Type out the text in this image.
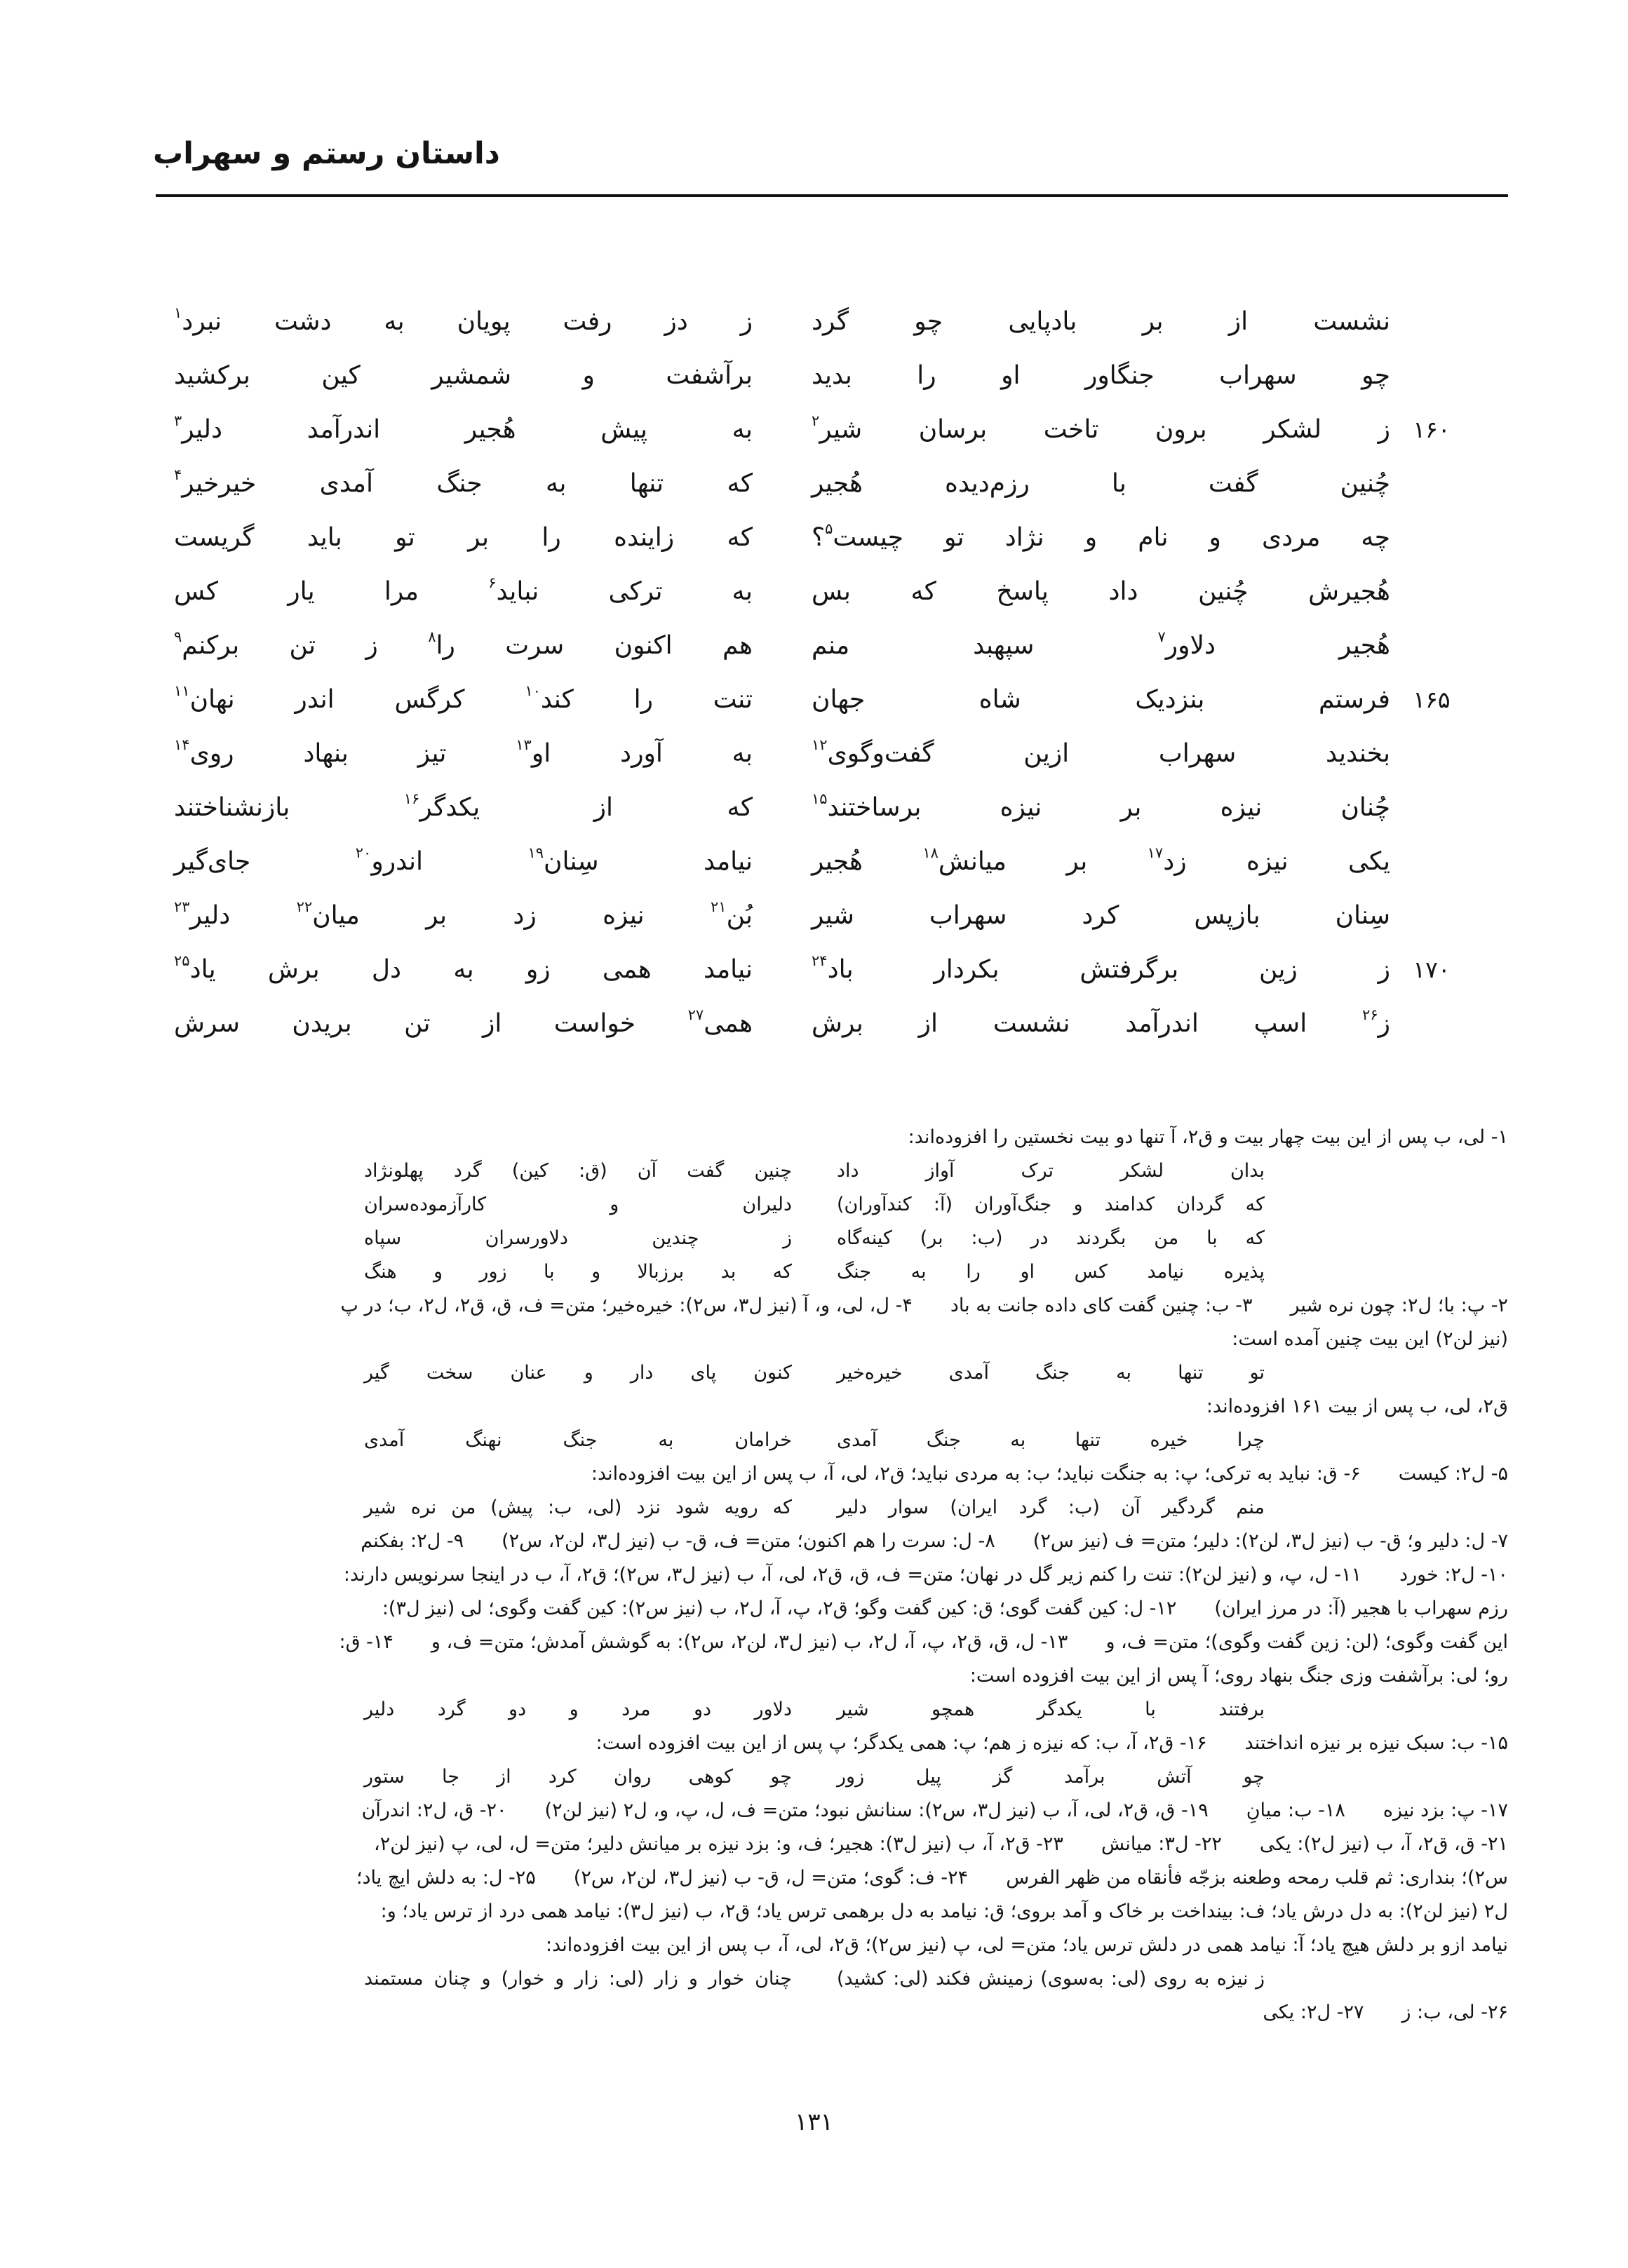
داستان رستم و سهراب
نشست از بر بادپایی چو گرد
ز دز رفت پویان به دشت نبرد$^۱$
چو سهراب جنگاور او را بدید
برآشفت و شمشیر کین برکشید
۱۶۰
ز لشکر برون تاخت برسان شیر$^۲$
به پیش هُجیر اندرآمد دلیر$^۳$
چُنین گفت با رزم‌دیده هُجیر
که تنها به جنگ آمدی خیرخیر$^۴$
چه مردی و نام و نژاد تو چیست$^۵$؟
که زاینده را بر تو باید گریست
هُجیرش چُنین داد پاسخ که بس
به ترکی نباید$^۶$ مرا یار کس
هُجیر دلاور$^۷$ سپهبد منم
هم اکنون سرت را$^۸$ ز تن برکنم$^۹$
۱۶۵
فرستم بنزدیک شاه جهان
تنت را کند$^{۱۰}$ کرگس اندر نهان$^{۱۱}$
بخندید سهراب ازین گفت‌وگوی$^{۱۲}$
به آورد او$^{۱۳}$ تیز بنهاد روی$^{۱۴}$
چُنان نیزه بر نیزه برساختند$^{۱۵}$
که از یکدگر$^{۱۶}$ بازنشناختند
یکی نیزه زد$^{۱۷}$ بر میانش$^{۱۸}$ هُجیر
نیامد سِنان$^{۱۹}$ اندرو$^{۲۰}$ جای‌گیر
سِنان بازپس کرد سهراب شیر
بُن$^{۲۱}$ نیزه زد بر میان$^{۲۲}$ دلیر$^{۲۳}$
۱۷۰
ز زین برگرفتش بکردار باد$^{۲۴}$
نیامد همی زو به دل برش یاد$^{۲۵}$
ز$^{۲۶}$ اسپ اندرآمد نشست از برش
همی$^{۲۷}$ خواست از تن بریدن سرش
۱- لی، ب پس از این بیت چهار بیت و ق۲، آ تنها دو بیت نخستین را افزوده‌اند:
بدان لشکر ترک آواز داد
چنین گفت آن (ق: کین) گرد پهلونژاد
که گردان کدامند و جنگ‌آوران (آ: کندآوران)
دلیران و کارآزموده‌سران
که با من بگردند در (ب: بر) کینه‌گاه
ز چندین دلاورسران سپاه
پذیره نیامد کس او را به جنگ
که بد برزبالا و با زور و هنگ
۲- پ: با؛ ل۲: چون نره شیر  ۳- ب: چنین گفت کای داده جانت به باد  ۴- ل، لی، و، آ (نیز ل۳، س۲): خیره‌خیر؛ متن= ف، ق، ق۲، ل۲، ب؛ در پ
(نیز لن۲) این بیت چنین آمده است:
تو تنها به جنگ آمدی خیره‌خیر
کنون پای دار و عنان سخت گیر
ق۲، لی، ب پس از بیت ۱۶۱ افزوده‌اند:
چرا خیره تنها به جنگ آمدی
خرامان به جنگ نهنگ آمدی
۵- ل۲: کیست  ۶- ق: نباید به ترکی؛ پ: به جنگت نباید؛ ب: به مردی نباید؛ ق۲، لی، آ، ب پس از این بیت افزوده‌اند:
منم گردگیر آن (ب: گرد ایران) سوار دلیر
که رویه شود نزد (لی، ب: پیش) من نره شیر
۷- ل: دلیر و؛ ق- ب (نیز ل۳، لن۲): دلیر؛ متن= ف (نیز س۲)  ۸- ل: سرت را هم اکنون؛ متن= ف، ق- ب (نیز ل۳، لن۲، س۲)  ۹- ل۲: بفکنم
۱۰- ل۲: خورد  ۱۱- ل، پ، و (نیز لن۲): تنت را کنم زیر گل در نهان؛ متن= ف، ق، ق۲، لی، آ، ب (نیز ل۳، س۲)؛ ق۲، آ، ب در اینجا سرنویس دارند:
رزم سهراب با هجیر (آ: در مرز ایران)  ۱۲- ل: کین گفت گوی؛ ق: کین گفت وگو؛ ق۲، پ، آ، ل۲، ب (نیز س۲): کین گفت وگوی؛ لی (نیز ل۳):
این گفت وگوی؛ (لن: زین گفت وگوی)؛ متن= ف، و  ۱۳- ل، ق، ق۲، پ، آ، ل۲، ب (نیز ل۳، لن۲، س۲): به گوشش آمدش؛ متن= ف، و  ۱۴- ق:
رو؛ لی: برآشفت وزی جنگ بنهاد روی؛ آ پس از این بیت افزوده است:
برفتند با یکدگر همچو شیر
دلاور دو مرد و دو گرد دلیر
۱۵- ب: سبک نیزه بر نیزه انداختند  ۱۶- ق۲، آ، ب: که نیزه ز هم؛ پ: همی یکدگر؛ پ پس از این بیت افزوده است:
چو آتش برآمد گز پیل زور
چو کوهی روان کرد از جا ستور
۱۷- پ: بزد نیزه  ۱۸- ب: میانِ  ۱۹- ق، ق۲، لی، آ، ب (نیز ل۳، س۲): سنانش نبود؛ متن= ف، ل، پ، و، ل۲ (نیز لن۲)  ۲۰- ق، ل۲: اندرآن
۲۱- ق، ق۲، آ، ب (نیز ل۲): یکی  ۲۲- ل۳: میانش  ۲۳- ق۲، آ، ب (نیز ل۳): هجیر؛ ف، و: بزد نیزه بر میانش دلیر؛ متن= ل، لی، پ (نیز لن۲،
س۲)؛ بنداری: ثم قلب رمحه وطعنه بزجّه فأنقاه من ظهر الفرس  ۲۴- ف: گوی؛ متن= ل، ق- ب (نیز ل۳، لن۲، س۲)  ۲۵- ل: به دلش ایچ یاد؛
ل۲ (نیز لن۲): به دل درش یاد؛ ف: بینداخت بر خاک و آمد بروی؛ ق: نیامد به دل برهمی ترس یاد؛ ق۲، ب (نیز ل۳): نیامد همی درد از ترس یاد؛ و:
نیامد ازو بر دلش هیچ یاد؛ آ: نیامد همی در دلش ترس یاد؛ متن= لی، پ (نیز س۲)؛ ق۲، لی، آ، ب پس از این بیت افزوده‌اند:
ز نیزه به روی (لی: به‌سوی) زمینش فکند (لی: کشید)
چنان خوار و زار (لی: زار و خوار) و چنان مستمند
۲۶- لی، ب: ز  ۲۷- ل۲: یکی
۱۳۱
